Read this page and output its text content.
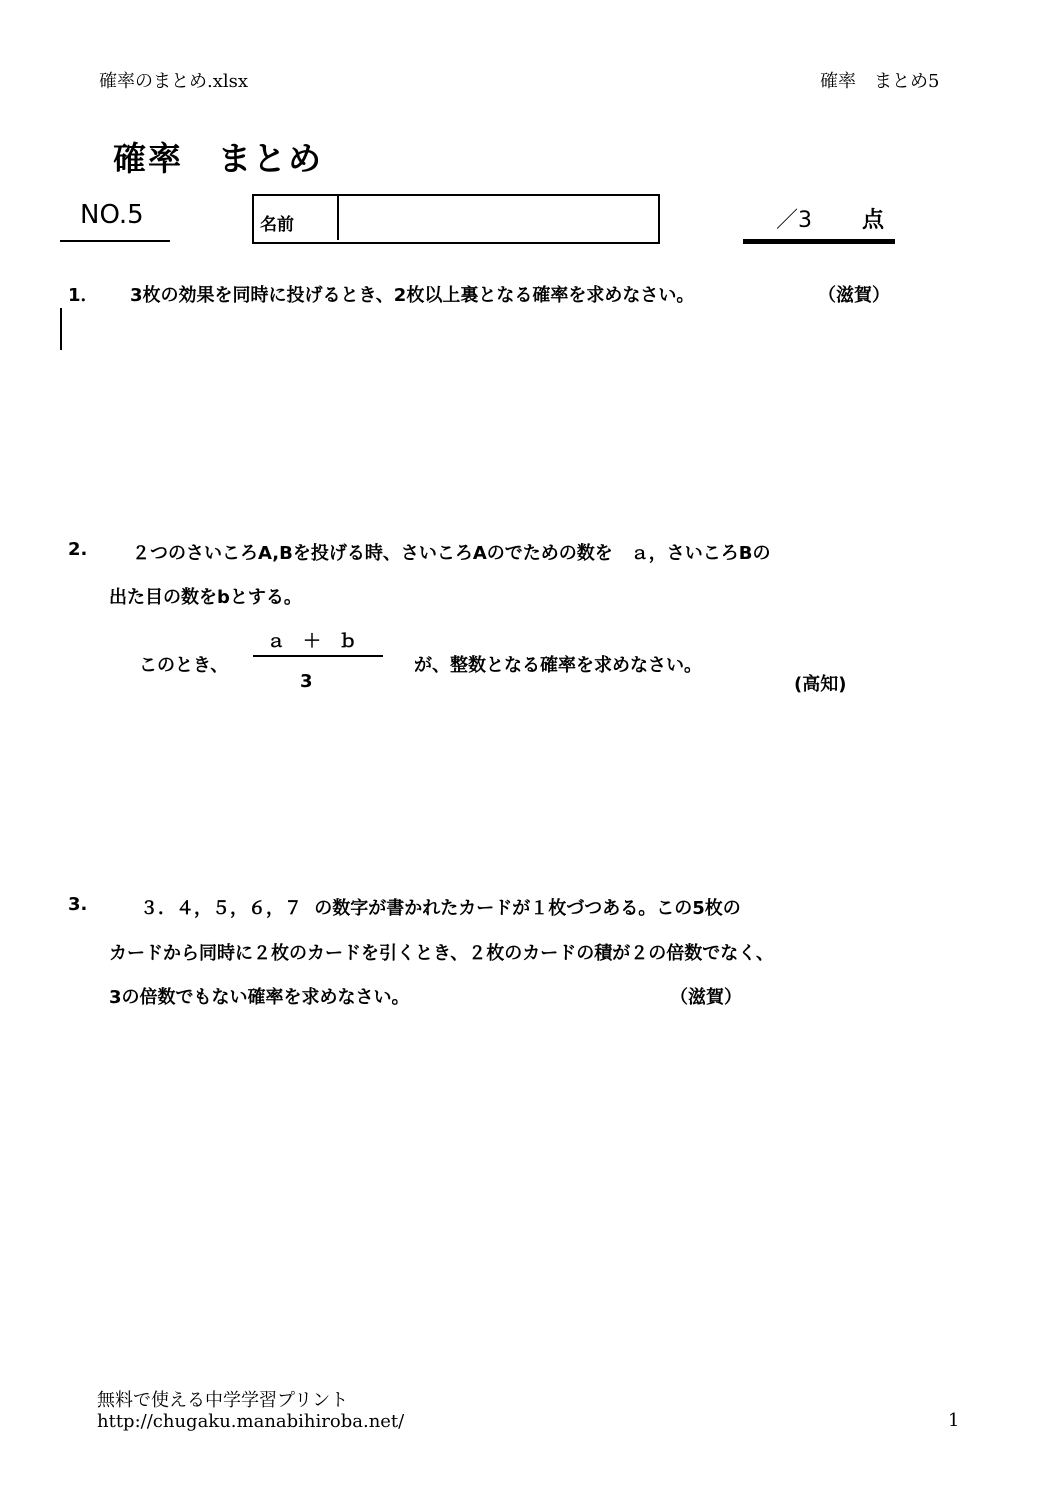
確率のまとめ.xlsx	確率　まとめ5
確率　まとめ
NO.5	名前	／3 点
1． 3枚の効果を同時に投げるとき、2枚以上裏となる確率を求めなさい。	（滋賀）
2. ２つのさいころA,Bを投げる時、さいころAのでための数を　ａ，さいころBの
出た目の数をbとする。
このとき、
ａ　＋　ｂ
3
が、整数となる確率を求めなさい。
(高知)
3.	３．４，５，６，７ の数字が書かれたカードが１枚づつある。この5枚の
カードから同時に２枚のカードを引くとき、２枚のカードの積が２の倍数でなく、
3の倍数でもない確率を求めなさい。	（滋賀）
無料で使える中学学習プリント
http://chugaku.manabihiroba.net/	1
